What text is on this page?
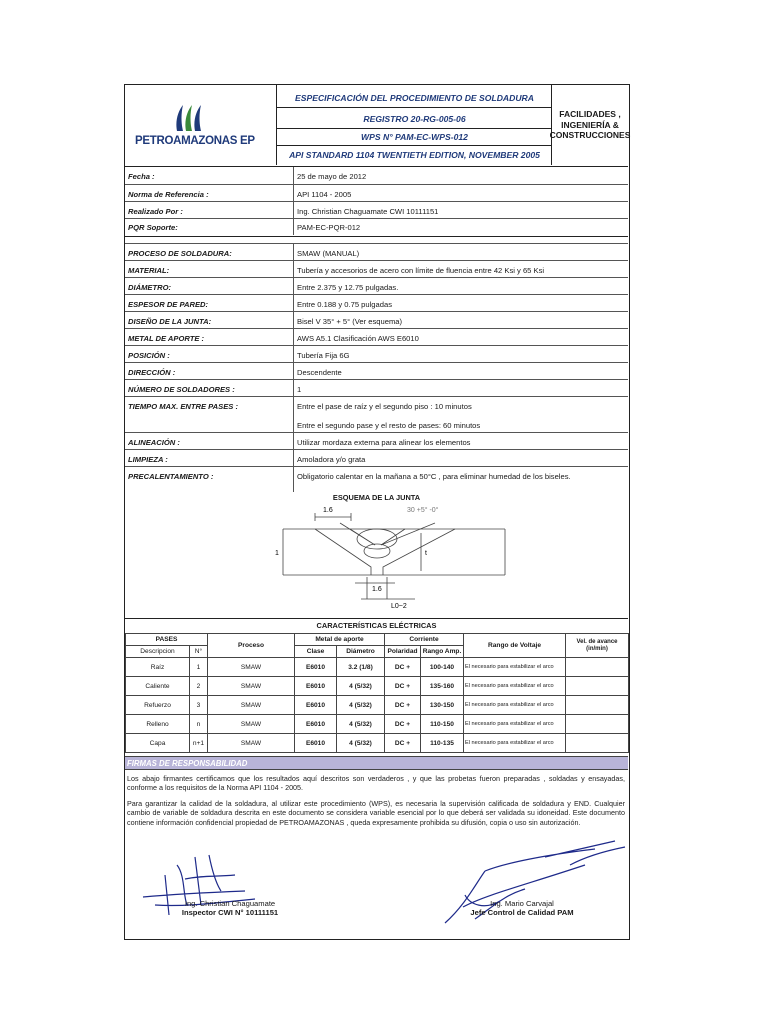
PETROAMAZONAS EP
ESPECIFICACIÓN DEL PROCEDIMIENTO DE SOLDADURA
REGISTRO 20-RG-005-06
WPS N° PAM-EC-WPS-012
API STANDARD 1104 TWENTIETH EDITION, NOVEMBER 2005
FACILIDADES , INGENIERÍA & CONSTRUCCIONES
Fecha :	25 de mayo de 2012
Norma de Referencia :	API 1104 - 2005
Realizado Por :	Ing. Christian Chaguamate CWI 10111151
PQR Soporte:	PAM-EC-PQR-012
PROCESO DE SOLDADURA:	SMAW (MANUAL)
MATERIAL:	Tubería y accesorios de acero con límite de fluencia entre 42 Ksi y 65 Ksi
DIÁMETRO:	Entre 2.375 y 12.75 pulgadas.
ESPESOR DE PARED:	Entre 0.188 y 0.75 pulgadas
DISEÑO DE LA JUNTA:	Bisel V 35° + 5° (Ver esquema)
METAL DE APORTE :	AWS A5.1 Clasificación AWS E6010
POSICIÓN :	Tubería Fija 6G
DIRECCIÓN :	Descendente
NÚMERO DE SOLDADORES :	1
TIEMPO MAX. ENTRE PASES :	Entre el pase de raíz y el segundo piso : 10 minutos
Entre el segundo pase y el resto de pases: 60 minutos
ALINEACIÓN :	Utilizar mordaza externa para alinear los elementos
LIMPIEZA :	Amoladora y/o grata
PRECALENTAMIENTO :	Obligatorio calentar en la mañana a 50°C , para eliminar humedad de los biseles.
ESQUEMA DE LA JUNTA
1.6	30 +5° -0°
1.6
L0~2
t
1
CARACTERÍSTICAS ELÉCTRICAS
PASES		Proceso	Metal de aporte		Corriente		Rango de Voltaje	Vel. de avance (in/min)
Descripcion	N°		Clase	Diámetro	Polaridad	Rango Amp.		
Raíz	1	SMAW	E6010	3.2 (1/8)	DC +	100-140	El necesario para estabilizar el arco	
Caliente	2	SMAW	E6010	4 (5/32)	DC +	135-160	El necesario para estabilizar el arco	
Refuerzo	3	SMAW	E6010	4 (5/32)	DC +	130-150	El necesario para estabilizar el arco	
Relleno	n	SMAW	E6010	4 (5/32)	DC +	110-150	El necesario para estabilizar el arco	
Capa	n+1	SMAW	E6010	4 (5/32)	DC +	110-135	El necesario para estabilizar el arco	
FIRMAS DE RESPONSABILIDAD
Los abajo firmantes certificamos que los resultados aquí descritos son verdaderos , y que las probetas fueron preparadas , soldadas y ensayadas, conforme a los requisitos de la Norma API 1104 - 2005.
Para garantizar la calidad de la soldadura, al utilizar este procedimiento (WPS), es necesaria la supervisión calificada de soldadura y END. Cualquier cambio de variable de soldadura descrita en este documento se considera variable esencial por lo que deberá ser validada su idoneidad. Este documento contiene información confidencial propiedad de PETROAMAZONAS , queda expresamente prohibida su difusión, copia o uso sin autorización.
Ing. Christian Chaguamate
Inspector CWI N° 10111151
Ing. Mario Carvajal
Jefe Control de Calidad PAM
